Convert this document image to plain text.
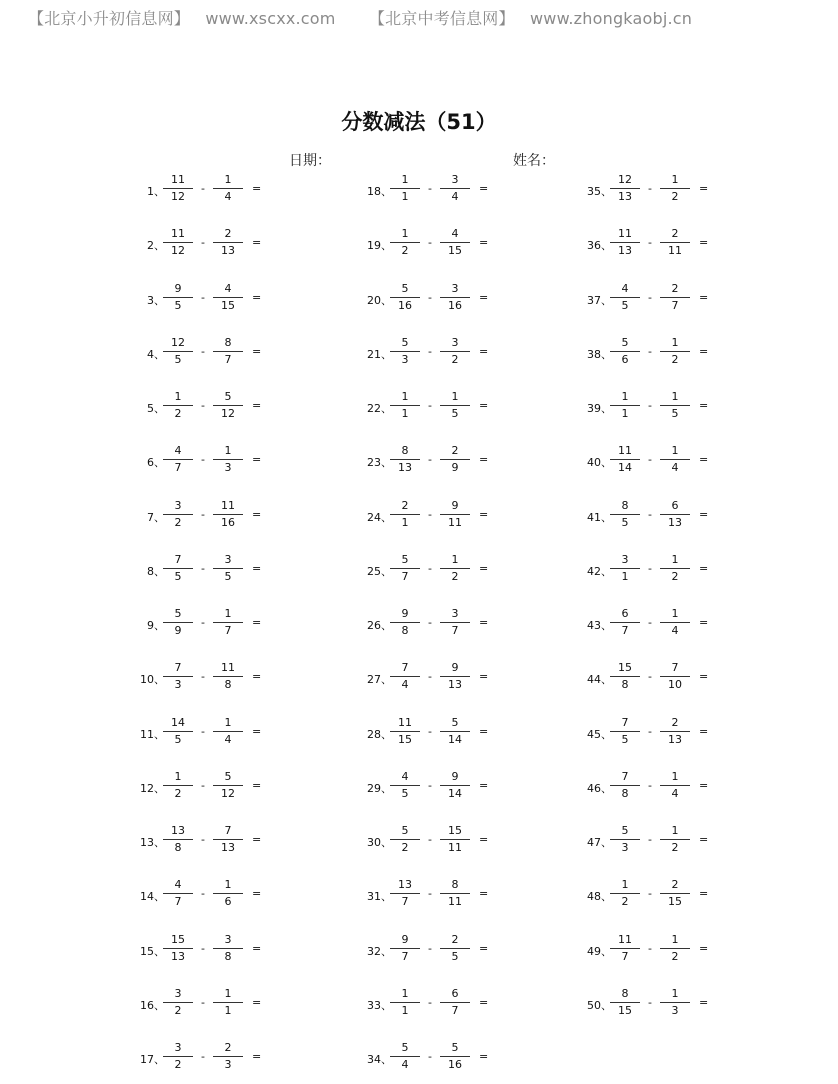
【北京小升初信息网】 www.xscxx.com 【北京中考信息网】 www.zhongkaobj.cn
分数减法（51）
日期：	姓名：
1、
11
12
-
1
4
=
2、
11
12
-
2
13
=
3、
9
5
-
4
15
=
4、
12
5
-
8
7
=
5、
1
2
-
5
12
=
6、
4
7
-
1
3
=
7、
3
2
-
11
16
=
8、
7
5
-
3
5
=
9、
5
9
-
1
7
=
10、
7
3
-
11
8
=
11、
14
5
-
1
4
=
12、
1
2
-
5
12
=
13、
13
8
-
7
13
=
14、
4
7
-
1
6
=
15、
15
13
-
3
8
=
16、
3
2
-
1
1
=
17、
3
2
-
2
3
=
18、
1
1
-
3
4
=
19、
1
2
-
4
15
=
20、
5
16
-
3
16
=
21、
5
3
-
3
2
=
22、
1
1
-
1
5
=
23、
8
13
-
2
9
=
24、
2
1
-
9
11
=
25、
5
7
-
1
2
=
26、
9
8
-
3
7
=
27、
7
4
-
9
13
=
28、
11
15
-
5
14
=
29、
4
5
-
9
14
=
30、
5
2
-
15
11
=
31、
13
7
-
8
11
=
32、
9
7
-
2
5
=
33、
1
1
-
6
7
=
34、
5
4
-
5
16
=
35、
12
13
-
1
2
=
36、
11
13
-
2
11
=
37、
4
5
-
2
7
=
38、
5
6
-
1
2
=
39、
1
1
-
1
5
=
40、
11
14
-
1
4
=
41、
8
5
-
6
13
=
42、
3
1
-
1
2
=
43、
6
7
-
1
4
=
44、
15
8
-
7
10
=
45、
7
5
-
2
13
=
46、
7
8
-
1
4
=
47、
5
3
-
1
2
=
48、
1
2
-
2
15
=
49、
11
7
-
1
2
=
50、
8
15
-
1
3
=
